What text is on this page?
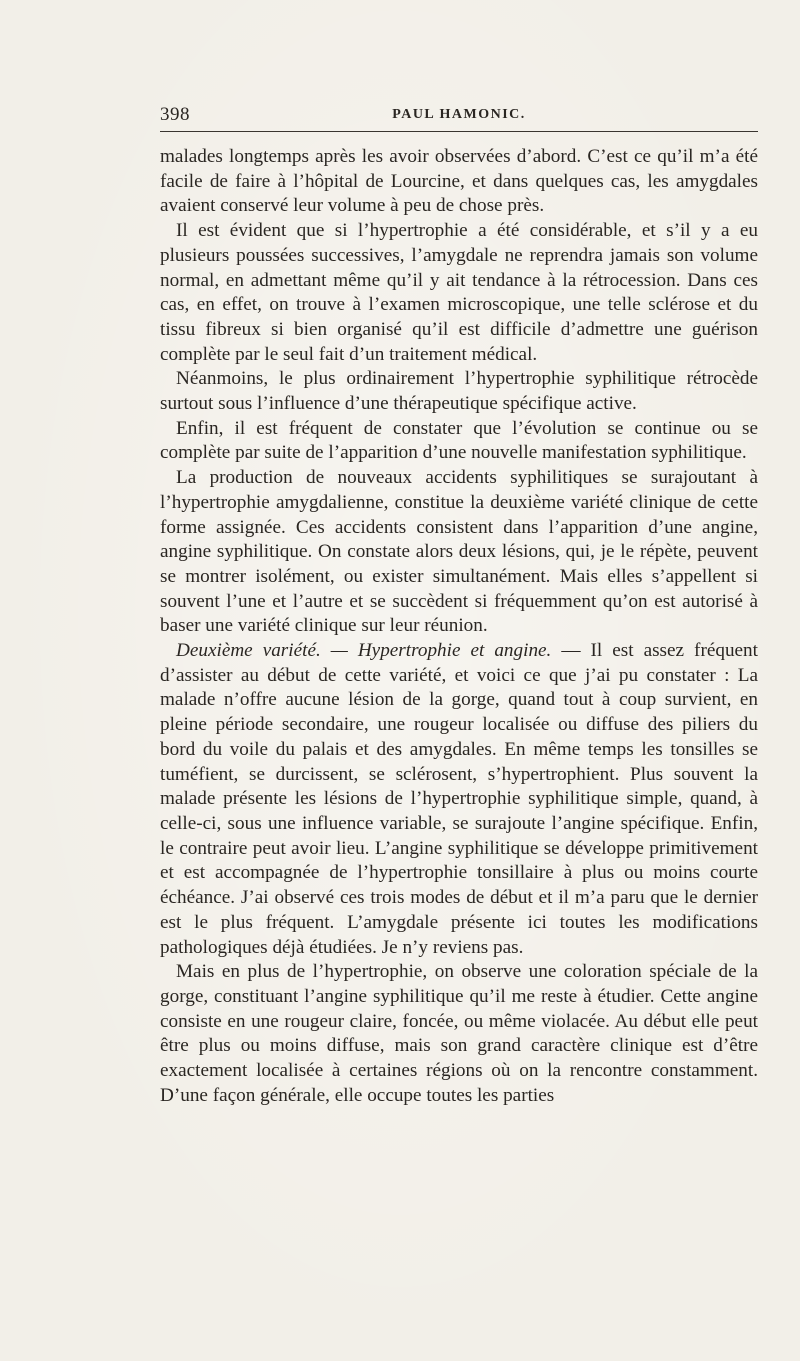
398	PAUL HAMONIC.

malades longtemps après les avoir observées d’abord. C’est ce qu’il m’a été facile de faire à l’hôpital de Lourcine, et dans quelques cas, les amygdales avaient conservé leur volume à peu de chose près.

Il est évident que si l’hypertrophie a été considérable, et s’il y a eu plusieurs poussées successives, l’amygdale ne reprendra jamais son volume normal, en admettant même qu’il y ait tendance à la rétrocession. Dans ces cas, en effet, on trouve à l’examen microscopique, une telle sclérose et du tissu fibreux si bien organisé qu’il est difficile d’admettre une guérison complète par le seul fait d’un traitement médical.

Néanmoins, le plus ordinairement l’hypertrophie syphilitique rétrocède surtout sous l’influence d’une thérapeutique spécifique active.

Enfin, il est fréquent de constater que l’évolution se continue ou se complète par suite de l’apparition d’une nouvelle manifestation syphilitique.

La production de nouveaux accidents syphilitiques se surajoutant à l’hypertrophie amygdalienne, constitue la deuxième variété clinique de cette forme assignée. Ces accidents consistent dans l’apparition d’une angine, angine syphilitique. On constate alors deux lésions, qui, je le répète, peuvent se montrer isolément, ou exister simultanément. Mais elles s’appellent si souvent l’une et l’autre et se succèdent si fréquemment qu’on est autorisé à baser une variété clinique sur leur réunion.

Deuxième variété. — Hypertrophie et angine. — Il est assez fréquent d’assister au début de cette variété, et voici ce que j’ai pu constater : La malade n’offre aucune lésion de la gorge, quand tout à coup survient, en pleine période secondaire, une rougeur localisée ou diffuse des piliers du bord du voile du palais et des amygdales. En même temps les tonsilles se tuméfient, se durcissent, se sclérosent, s’hypertrophient. Plus souvent la malade présente les lésions de l’hypertrophie syphilitique simple, quand, à celle-ci, sous une influence variable, se surajoute l’angine spécifique. Enfin, le contraire peut avoir lieu. L’angine syphilitique se développe primitivement et est accompagnée de l’hypertrophie tonsillaire à plus ou moins courte échéance. J’ai observé ces trois modes de début et il m’a paru que le dernier est le plus fréquent. L’amygdale présente ici toutes les modifications pathologiques déjà étudiées. Je n’y reviens pas.

Mais en plus de l’hypertrophie, on observe une coloration spéciale de la gorge, constituant l’angine syphilitique qu’il me reste à étudier. Cette angine consiste en une rougeur claire, foncée, ou même violacée. Au début elle peut être plus ou moins diffuse, mais son grand caractère clinique est d’être exactement localisée à certaines régions où on la rencontre constamment. D’une façon générale, elle occupe toutes les parties
